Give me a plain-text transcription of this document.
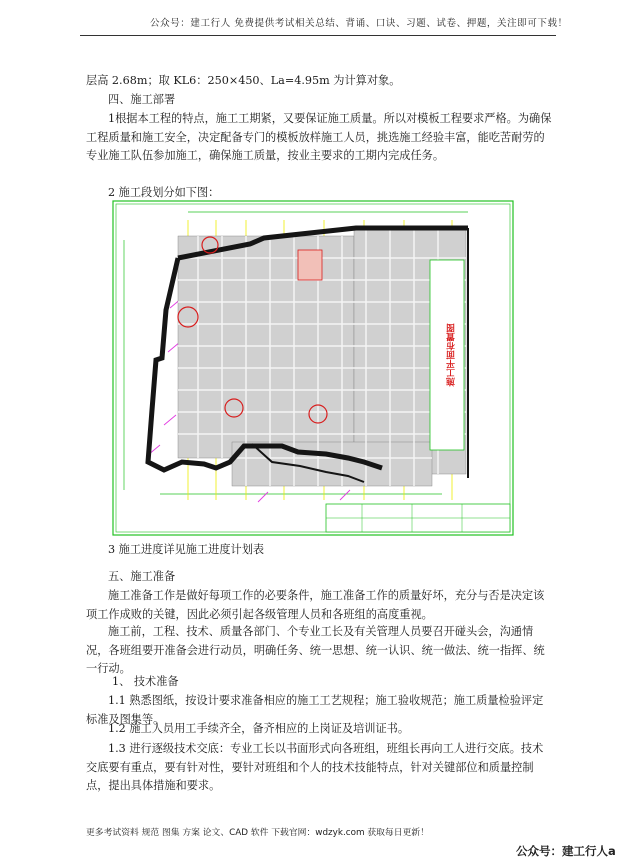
公众号：建工行人 免费提供考试相关总结、背诵、口诀、习题、试卷、押题，关注即可下载！
层高 2.68m；取 KL6：250×450、La=4.95m 为计算对象。
四、施工部署
1根据本工程的特点，施工工期紧，又要保证施工质量。所以对模板工程要求严格。为确保工程质量和施工安全，决定配备专门的模板放样施工人员，挑选施工经验丰富，能吃苦耐劳的专业施工队伍参加施工，确保施工质量，按业主要求的工期内完成任务。
2 施工段划分如下图：
施工平面布置图
3 施工进度详见施工进度计划表
五、施工准备
施工准备工作是做好每项工作的必要条件，施工准备工作的质量好坏，充分与否是决定该项工作成败的关键，因此必须引起各级管理人员和各班组的高度重视。
施工前，工程、技术、质量各部门、个专业工长及有关管理人员要召开碰头会，沟通情况，各班组要开准备会进行动员，明确任务、统一思想、统一认识、统一做法、统一指挥、统一行动。
1、 技术准备
1.1 熟悉图纸，按设计要求准备相应的施工工艺规程；施工验收规范；施工质量检验评定标准及图集等。
1.2 施工人员用工手续齐全，备齐相应的上岗证及培训证书。
1.3 进行逐级技术交底：专业工长以书面形式向各班组，班组长再向工人进行交底。技术交底要有重点，要有针对性，要针对班组和个人的技术技能特点，针对关键部位和质量控制点，提出具体措施和要求。
更多考试资料 规范 图集 方案 论文、CAD 软件 下载官网：wdzyk.com 获取每日更新！
公众号：建工行人a
